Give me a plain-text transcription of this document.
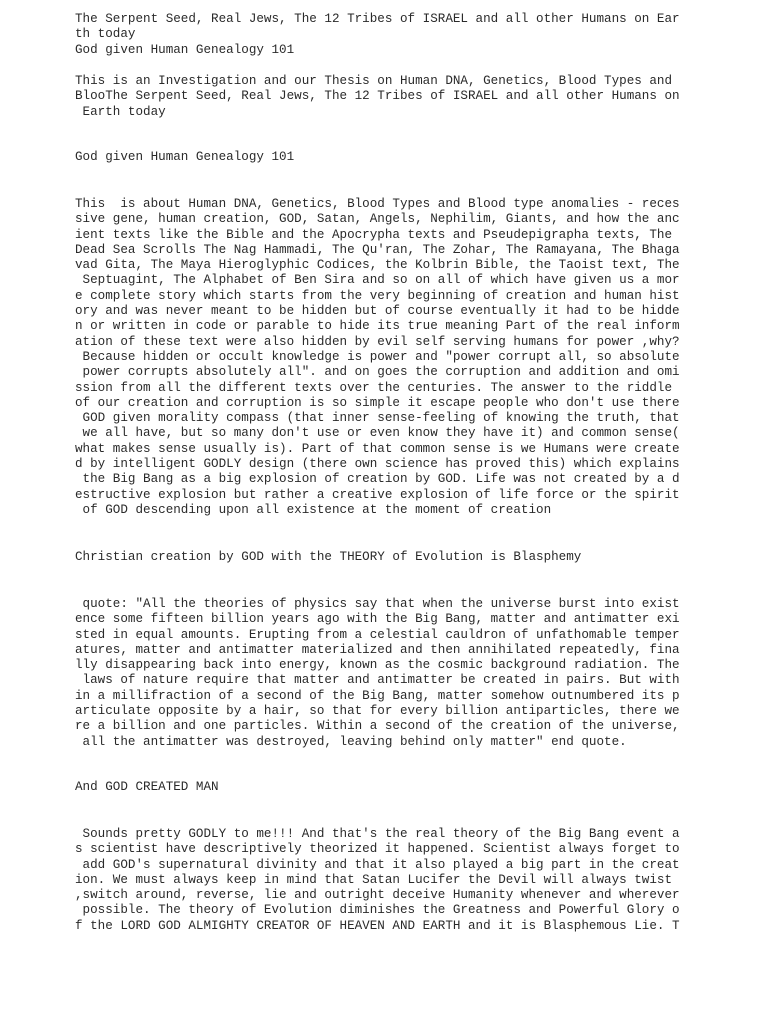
The Serpent Seed, Real Jews, The 12 Tribes of ISRAEL and all other Humans on Ear
th today
God given Human Genealogy 101

This is an Investigation and our Thesis on Human DNA, Genetics, Blood Types and
BlooThe Serpent Seed, Real Jews, The 12 Tribes of ISRAEL and all other Humans on
Earth today

God given Human Genealogy 101

This  is about Human DNA, Genetics, Blood Types and Blood type anomalies - reces
sive gene, human creation, GOD, Satan, Angels, Nephilim, Giants, and how the anc
ient texts like the Bible and the Apocrypha texts and Pseudepigrapha texts, The
Dead Sea Scrolls The Nag Hammadi, The Qu'ran, The Zohar, The Ramayana, The Bhaga
vad Gita, The Maya Hieroglyphic Codices, the Kolbrin Bible, the Taoist text, The
Septuagint, The Alphabet of Ben Sira and so on all of which have given us a mor
e complete story which starts from the very beginning of creation and human hist
ory and was never meant to be hidden but of course eventually it had to be hidde
n or written in code or parable to hide its true meaning Part of the real inform
ation of these text were also hidden by evil self serving humans for power ,why?
Because hidden or occult knowledge is power and "power corrupt all, so absolute
power corrupts absolutely all". and on goes the corruption and addition and omi
ssion from all the different texts over the centuries. The answer to the riddle
of our creation and corruption is so simple it escape people who don't use there
GOD given morality compass (that inner sense-feeling of knowing the truth, that
we all have, but so many don't use or even know they have it) and common sense(
what makes sense usually is). Part of that common sense is we Humans were create
d by intelligent GODLY design (there own science has proved this) which explains
the Big Bang as a big explosion of creation by GOD. Life was not created by a d
estructive explosion but rather a creative explosion of life force or the spirit
of GOD descending upon all existence at the moment of creation

Christian creation by GOD with the THEORY of Evolution is Blasphemy

quote: "All the theories of physics say that when the universe burst into exist
ence some fifteen billion years ago with the Big Bang, matter and antimatter exi
sted in equal amounts. Erupting from a celestial cauldron of unfathomable temper
atures, matter and antimatter materialized and then annihilated repeatedly, fina
lly disappearing back into energy, known as the cosmic background radiation. The
laws of nature require that matter and antimatter be created in pairs. But with
in a millifraction of a second of the Big Bang, matter somehow outnumbered its p
articulate opposite by a hair, so that for every billion antiparticles, there we
re a billion and one particles. Within a second of the creation of the universe,
all the antimatter was destroyed, leaving behind only matter" end quote.

And GOD CREATED MAN

Sounds pretty GODLY to me!!! And that's the real theory of the Big Bang event a
s scientist have descriptively theorized it happened. Scientist always forget to
add GOD's supernatural divinity and that it also played a big part in the creat
ion. We must always keep in mind that Satan Lucifer the Devil will always twist
,switch around, reverse, lie and outright deceive Humanity whenever and wherever
possible. The theory of Evolution diminishes the Greatness and Powerful Glory o
f the LORD GOD ALMIGHTY CREATOR OF HEAVEN AND EARTH and it is Blasphemous Lie. T
